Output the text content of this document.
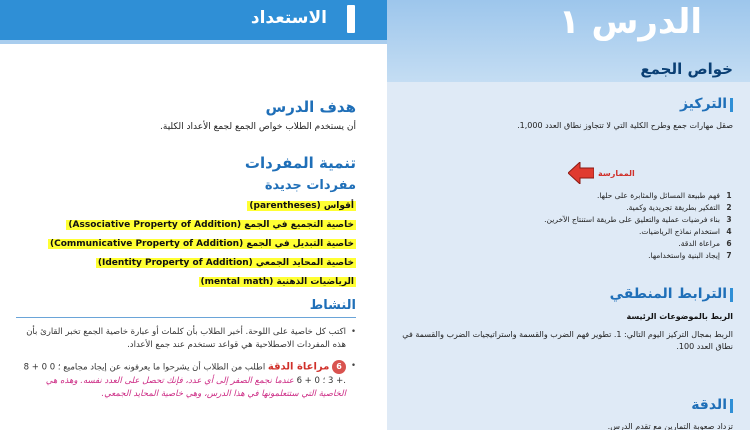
الدرس ١
الاستعداد
هدف الدرس
أن يستخدم الطلاب خواص الجمع لجمع الأعداد الكلية.
تنمية المفردات
مفردات جديدة
أقواس (parentheses)
خاصية التجميع في الجمع (Associative Property of Addition)
خاصية التبديل في الجمع (Communicative Property of Addition)
خاصية المحايد الجمعي (Identity Property of Addition)
الرياضيات الذهنية (mental math)
النشاط
• اكتب كل خاصية على اللوحة. أخبر الطلاب بأن كلمات أو عبارة خاصية الجمع تخبر القارئ بأن هذه المفردات الاصطلاحية هي قواعد تستخدم عند جمع الأعداد.
• 6 مراعاة الدقة اطلب من الطلاب أن يشرحوا ما يعرفونه عن إيجاد مجاميع 8 + 0 ؛ 0 + 3 ؛ 0 + 6. عندما نجمع الصفر إلى أي عدد، فإنك تحصل على العدد نفسه. وهذه هي الخاصية التي ستتعلمونها في هذا الدرس، وهي خاصية المحايد الجمعي.
خواص الجمع
التركيز
صقل مهارات جمع وطرح الكلية التي لا تتجاوز نطاق العدد 1,000.
الممارسة
1
فهم طبيعة المسائل والمثابرة على حلها.
2
التفكير بطريقة تجريدية وكمية.
3
بناء فرضيات عملية والتعليق على طريقة استنتاج الآخرين.
4
استخدام نماذج الرياضيات.
6
مراعاة الدقة.
7
إيجاد البنية واستخدامها.
الترابط المنطقي
الربط بالموضوعات الرئيسة
الربط بمجال التركيز اليوم التالي: 1. تطوير فهم الضرب والقسمة واستراتيجيات الضرب والقسمة في نطاق العدد 100.
الدقة
تزداد صعوبة التمارين مع تقدم الدرس.
